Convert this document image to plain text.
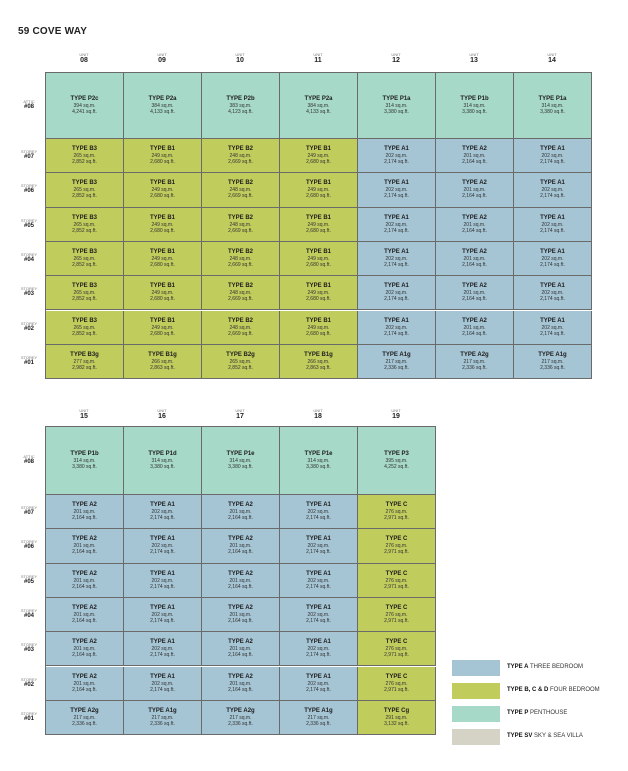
59 COVE WAY
UNIT
08
UNIT
09
UNIT
10
UNIT
11
UNIT
12
UNIT
13
UNIT
14
TYPE P2c
394 sq.m.
4,241 sq.ft.
TYPE P2a
384 sq.m.
4,133 sq.ft.
TYPE P2b
383 sq.m.
4,123 sq.ft.
TYPE P2a
384 sq.m.
4,133 sq.ft.
TYPE P1a
314 sq.m.
3,380 sq.ft.
TYPE P1b
314 sq.m.
3,380 sq.ft.
TYPE P1a
314 sq.m.
3,380 sq.ft.
TYPE B3
265 sq.m.
2,852 sq.ft.
TYPE B1
249 sq.m.
2,680 sq.ft.
TYPE B2
248 sq.m.
2,669 sq.ft.
TYPE B1
249 sq.m.
2,680 sq.ft.
TYPE A1
202 sq.m.
2,174 sq.ft.
TYPE A2
201 sq.m.
2,164 sq.ft.
TYPE A1
202 sq.m.
2,174 sq.ft.
TYPE B3
265 sq.m.
2,852 sq.ft.
TYPE B1
249 sq.m.
2,680 sq.ft.
TYPE B2
248 sq.m.
2,669 sq.ft.
TYPE B1
249 sq.m.
2,680 sq.ft.
TYPE A1
202 sq.m.
2,174 sq.ft.
TYPE A2
201 sq.m.
2,164 sq.ft.
TYPE A1
202 sq.m.
2,174 sq.ft.
TYPE B3
265 sq.m.
2,852 sq.ft.
TYPE B1
249 sq.m.
2,680 sq.ft.
TYPE B2
248 sq.m.
2,669 sq.ft.
TYPE B1
249 sq.m.
2,680 sq.ft.
TYPE A1
202 sq.m.
2,174 sq.ft.
TYPE A2
201 sq.m.
2,164 sq.ft.
TYPE A1
202 sq.m.
2,174 sq.ft.
TYPE B3
265 sq.m.
2,852 sq.ft.
TYPE B1
249 sq.m.
2,680 sq.ft.
TYPE B2
248 sq.m.
2,669 sq.ft.
TYPE B1
249 sq.m.
2,680 sq.ft.
TYPE A1
202 sq.m.
2,174 sq.ft.
TYPE A2
201 sq.m.
2,164 sq.ft.
TYPE A1
202 sq.m.
2,174 sq.ft.
TYPE B3
265 sq.m.
2,852 sq.ft.
TYPE B1
249 sq.m.
2,680 sq.ft.
TYPE B2
248 sq.m.
2,669 sq.ft.
TYPE B1
249 sq.m.
2,680 sq.ft.
TYPE A1
202 sq.m.
2,174 sq.ft.
TYPE A2
201 sq.m.
2,164 sq.ft.
TYPE A1
202 sq.m.
2,174 sq.ft.
TYPE B3
265 sq.m.
2,852 sq.ft.
TYPE B1
249 sq.m.
2,680 sq.ft.
TYPE B2
248 sq.m.
2,669 sq.ft.
TYPE B1
249 sq.m.
2,680 sq.ft.
TYPE A1
202 sq.m.
2,174 sq.ft.
TYPE A2
201 sq.m.
2,164 sq.ft.
TYPE A1
202 sq.m.
2,174 sq.ft.
TYPE B3g
277 sq.m.
2,982 sq.ft.
TYPE B1g
266 sq.m.
2,863 sq.ft.
TYPE B2g
265 sq.m.
2,852 sq.ft.
TYPE B1g
266 sq.m.
2,863 sq.ft.
TYPE A1g
217 sq.m.
2,336 sq.ft.
TYPE A2g
217 sq.m.
2,336 sq.ft.
TYPE A1g
217 sq.m.
2,336 sq.ft.
ATTIC
#08
STOREY
#07
STOREY
#06
STOREY
#05
STOREY
#04
STOREY
#03
STOREY
#02
STOREY
#01
UNIT
15
UNIT
16
UNIT
17
UNIT
18
UNIT
19
TYPE P1b
314 sq.m.
3,380 sq.ft.
TYPE P1d
314 sq.m.
3,380 sq.ft.
TYPE P1e
314 sq.m.
3,380 sq.ft.
TYPE P1e
314 sq.m.
3,380 sq.ft.
TYPE P3
395 sq.m.
4,252 sq.ft.
TYPE A2
201 sq.m.
2,164 sq.ft.
TYPE A1
202 sq.m.
2,174 sq.ft.
TYPE A2
201 sq.m.
2,164 sq.ft.
TYPE A1
202 sq.m.
2,174 sq.ft.
TYPE C
276 sq.m.
2,971 sq.ft.
TYPE A2
201 sq.m.
2,164 sq.ft.
TYPE A1
202 sq.m.
2,174 sq.ft.
TYPE A2
201 sq.m.
2,164 sq.ft.
TYPE A1
202 sq.m.
2,174 sq.ft.
TYPE C
276 sq.m.
2,971 sq.ft.
TYPE A2
201 sq.m.
2,164 sq.ft.
TYPE A1
202 sq.m.
2,174 sq.ft.
TYPE A2
201 sq.m.
2,164 sq.ft.
TYPE A1
202 sq.m.
2,174 sq.ft.
TYPE C
276 sq.m.
2,971 sq.ft.
TYPE A2
201 sq.m.
2,164 sq.ft.
TYPE A1
202 sq.m.
2,174 sq.ft.
TYPE A2
201 sq.m.
2,164 sq.ft.
TYPE A1
202 sq.m.
2,174 sq.ft.
TYPE C
276 sq.m.
2,971 sq.ft.
TYPE A2
201 sq.m.
2,164 sq.ft.
TYPE A1
202 sq.m.
2,174 sq.ft.
TYPE A2
201 sq.m.
2,164 sq.ft.
TYPE A1
202 sq.m.
2,174 sq.ft.
TYPE C
276 sq.m.
2,971 sq.ft.
TYPE A2
201 sq.m.
2,164 sq.ft.
TYPE A1
202 sq.m.
2,174 sq.ft.
TYPE A2
201 sq.m.
2,164 sq.ft.
TYPE A1
202 sq.m.
2,174 sq.ft.
TYPE C
276 sq.m.
2,971 sq.ft.
TYPE A2g
217 sq.m.
2,336 sq.ft.
TYPE A1g
217 sq.m.
2,336 sq.ft.
TYPE A2g
217 sq.m.
2,336 sq.ft.
TYPE A1g
217 sq.m.
2,336 sq.ft.
TYPE Cg
291 sq.m.
3,132 sq.ft.
ATTIC
#08
STOREY
#07
STOREY
#06
STOREY
#05
STOREY
#04
STOREY
#03
STOREY
#02
STOREY
#01
TYPE A THREE BEDROOM
TYPE B, C & D FOUR BEDROOM
TYPE P PENTHOUSE
TYPE SV SKY & SEA VILLA
